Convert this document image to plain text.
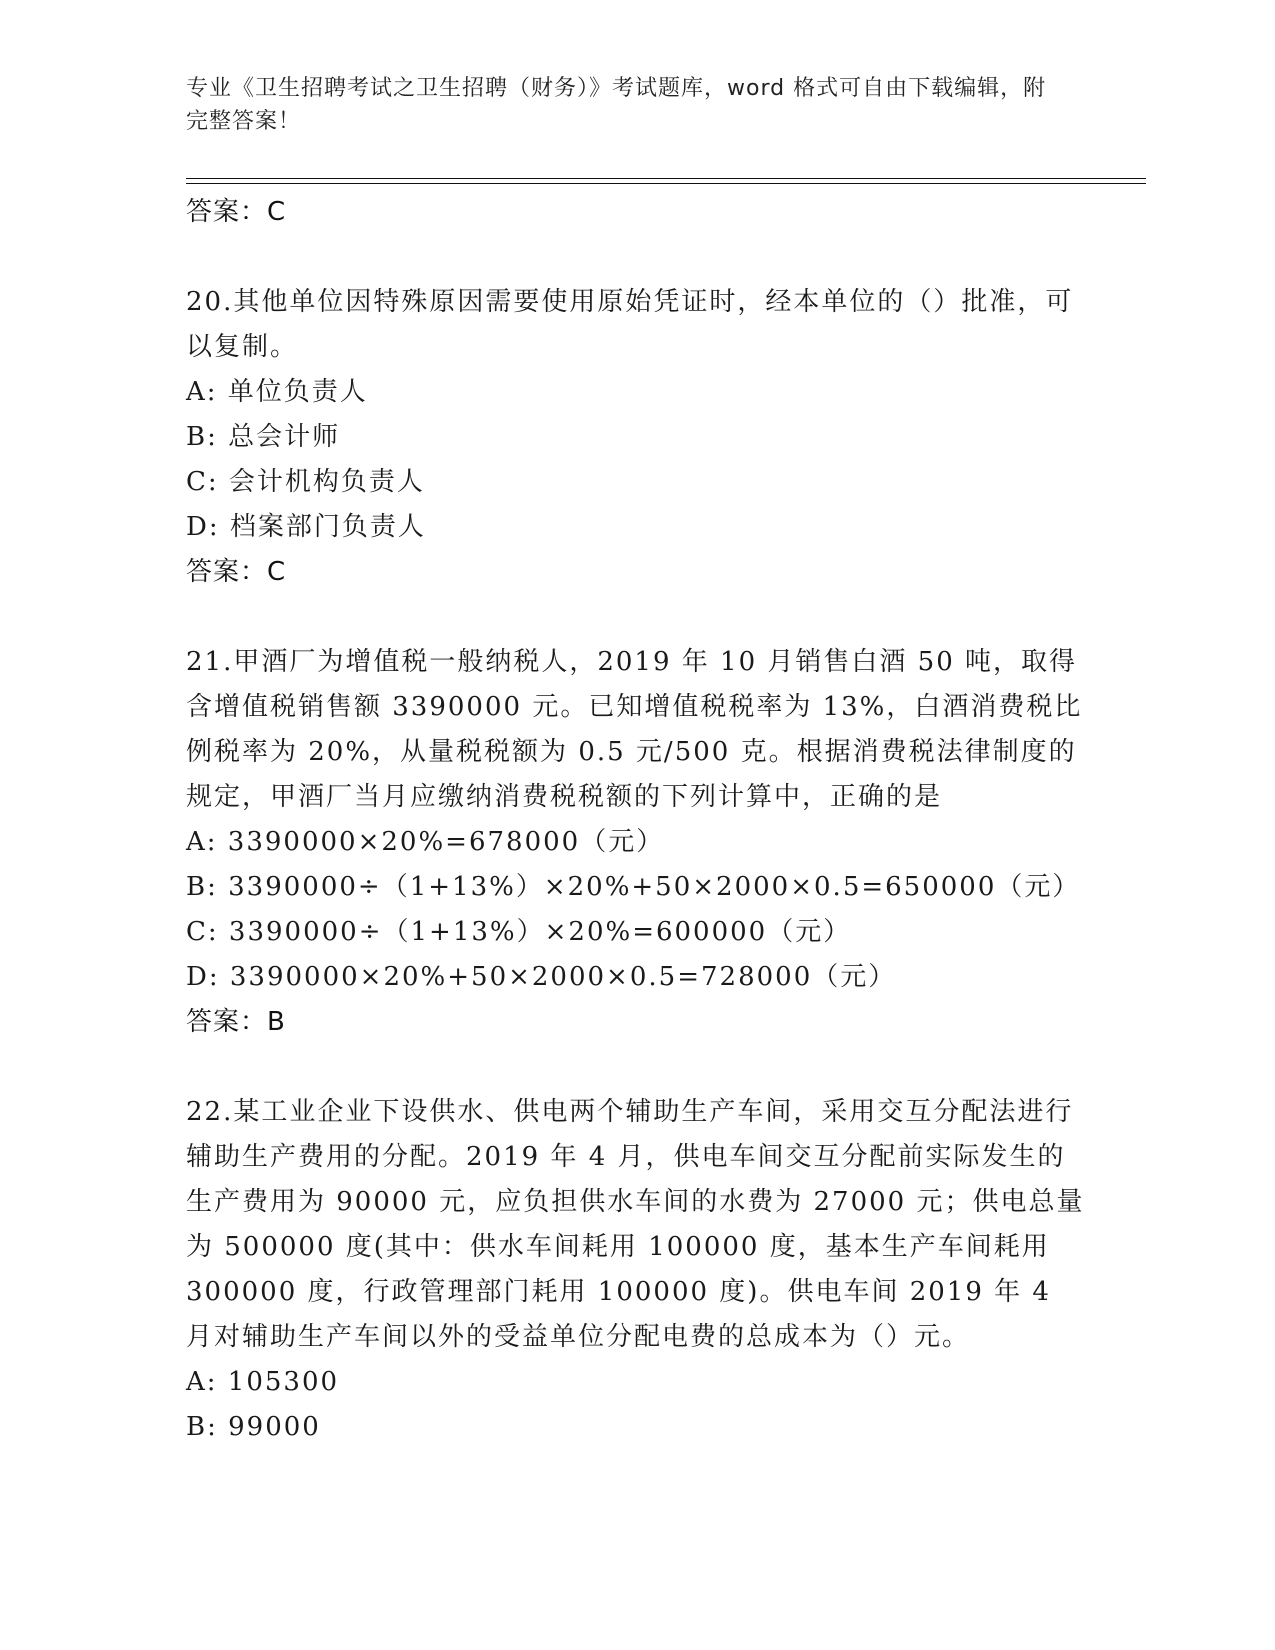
专业《卫生招聘考试之卫生招聘（财务）》考试题库，word 格式可自由下载编辑，附完整答案！
答案：C

20.其他单位因特殊原因需要使用原始凭证时，经本单位的（）批准，可以复制。

A: 单位负责人
B: 总会计师
C: 会计机构负责人
D: 档案部门负责人
答案：C

21.甲酒厂为增值税一般纳税人，2019 年 10 月销售白酒 50 吨，取得含增值税销售额 3390000 元。已知增值税税率为 13%，白酒消费税比例税率为 20%，从量税税额为 0.5 元/500 克。根据消费税法律制度的规定，甲酒厂当月应缴纳消费税税额的下列计算中，正确的是

A: 3390000×20%=678000（元）
B: 3390000÷（1+13%）×20%+50×2000×0.5=650000（元）
C: 3390000÷（1+13%）×20%=600000（元）
D: 3390000×20%+50×2000×0.5=728000（元）
答案：B

22.某工业企业下设供水、供电两个辅助生产车间，采用交互分配法进行辅助生产费用的分配。2019 年 4 月，供电车间交互分配前实际发生的生产费用为 90000 元，应负担供水车间的水费为 27000 元；供电总量为 500000 度(其中：供水车间耗用 100000 度，基本生产车间耗用 300000 度，行政管理部门耗用 100000 度)。供电车间 2019 年 4 月对辅助生产车间以外的受益单位分配电费的总成本为（）元。

A: 105300
B: 99000
